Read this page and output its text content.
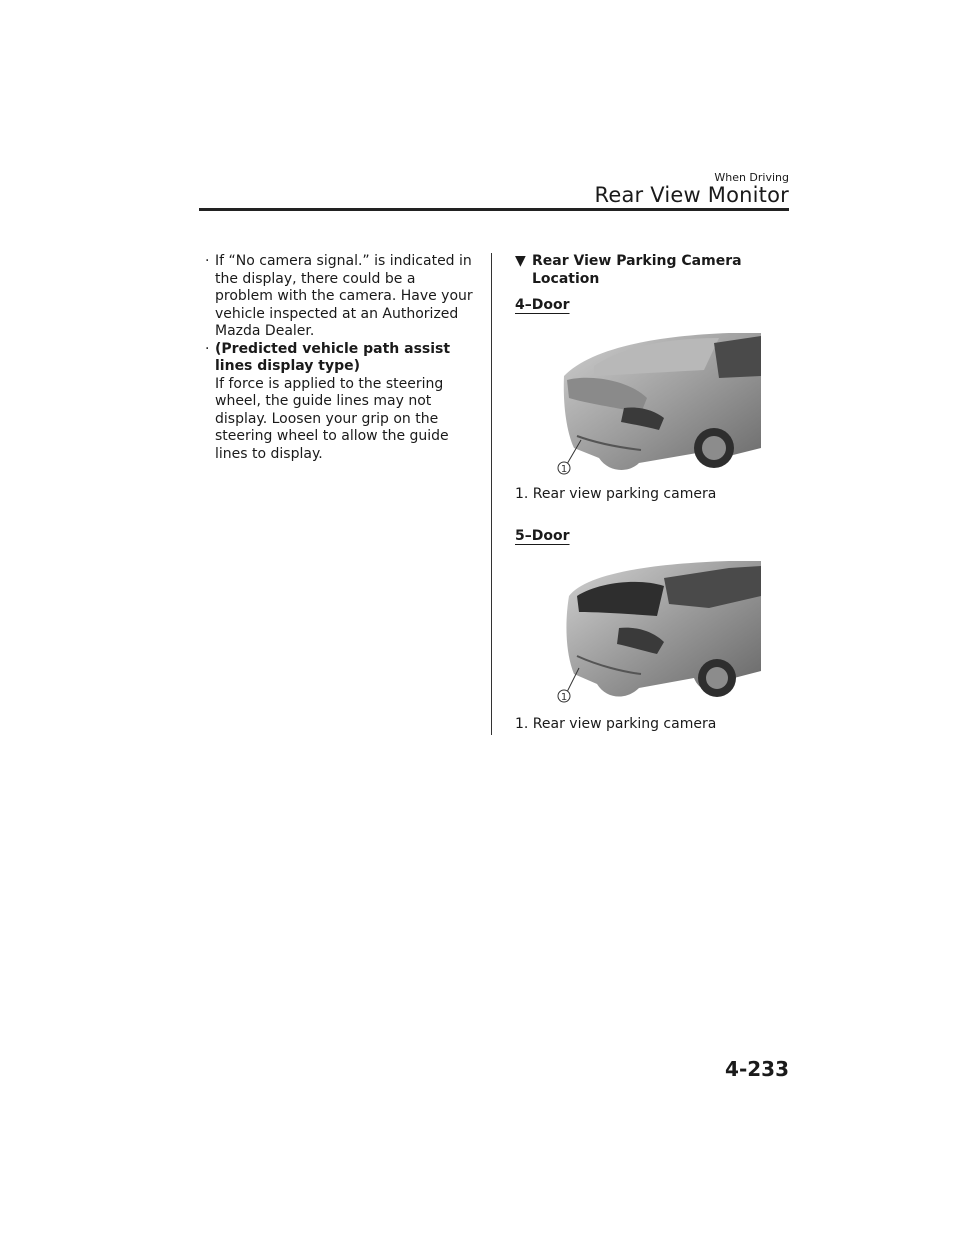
When Driving
Rear View Monitor
· If “No camera signal.” is indicated in the display, there could be a problem with the camera. Have your vehicle inspected at an Authorized Mazda Dealer.
· (Predicted vehicle path assist lines display type)
If force is applied to the steering wheel, the guide lines may not display. Loosen your grip on the steering wheel to allow the guide lines to display.
▼ Rear View Parking Camera Location
4–Door
1
1. Rear view parking camera
5–Door
1
1. Rear view parking camera
4-233
